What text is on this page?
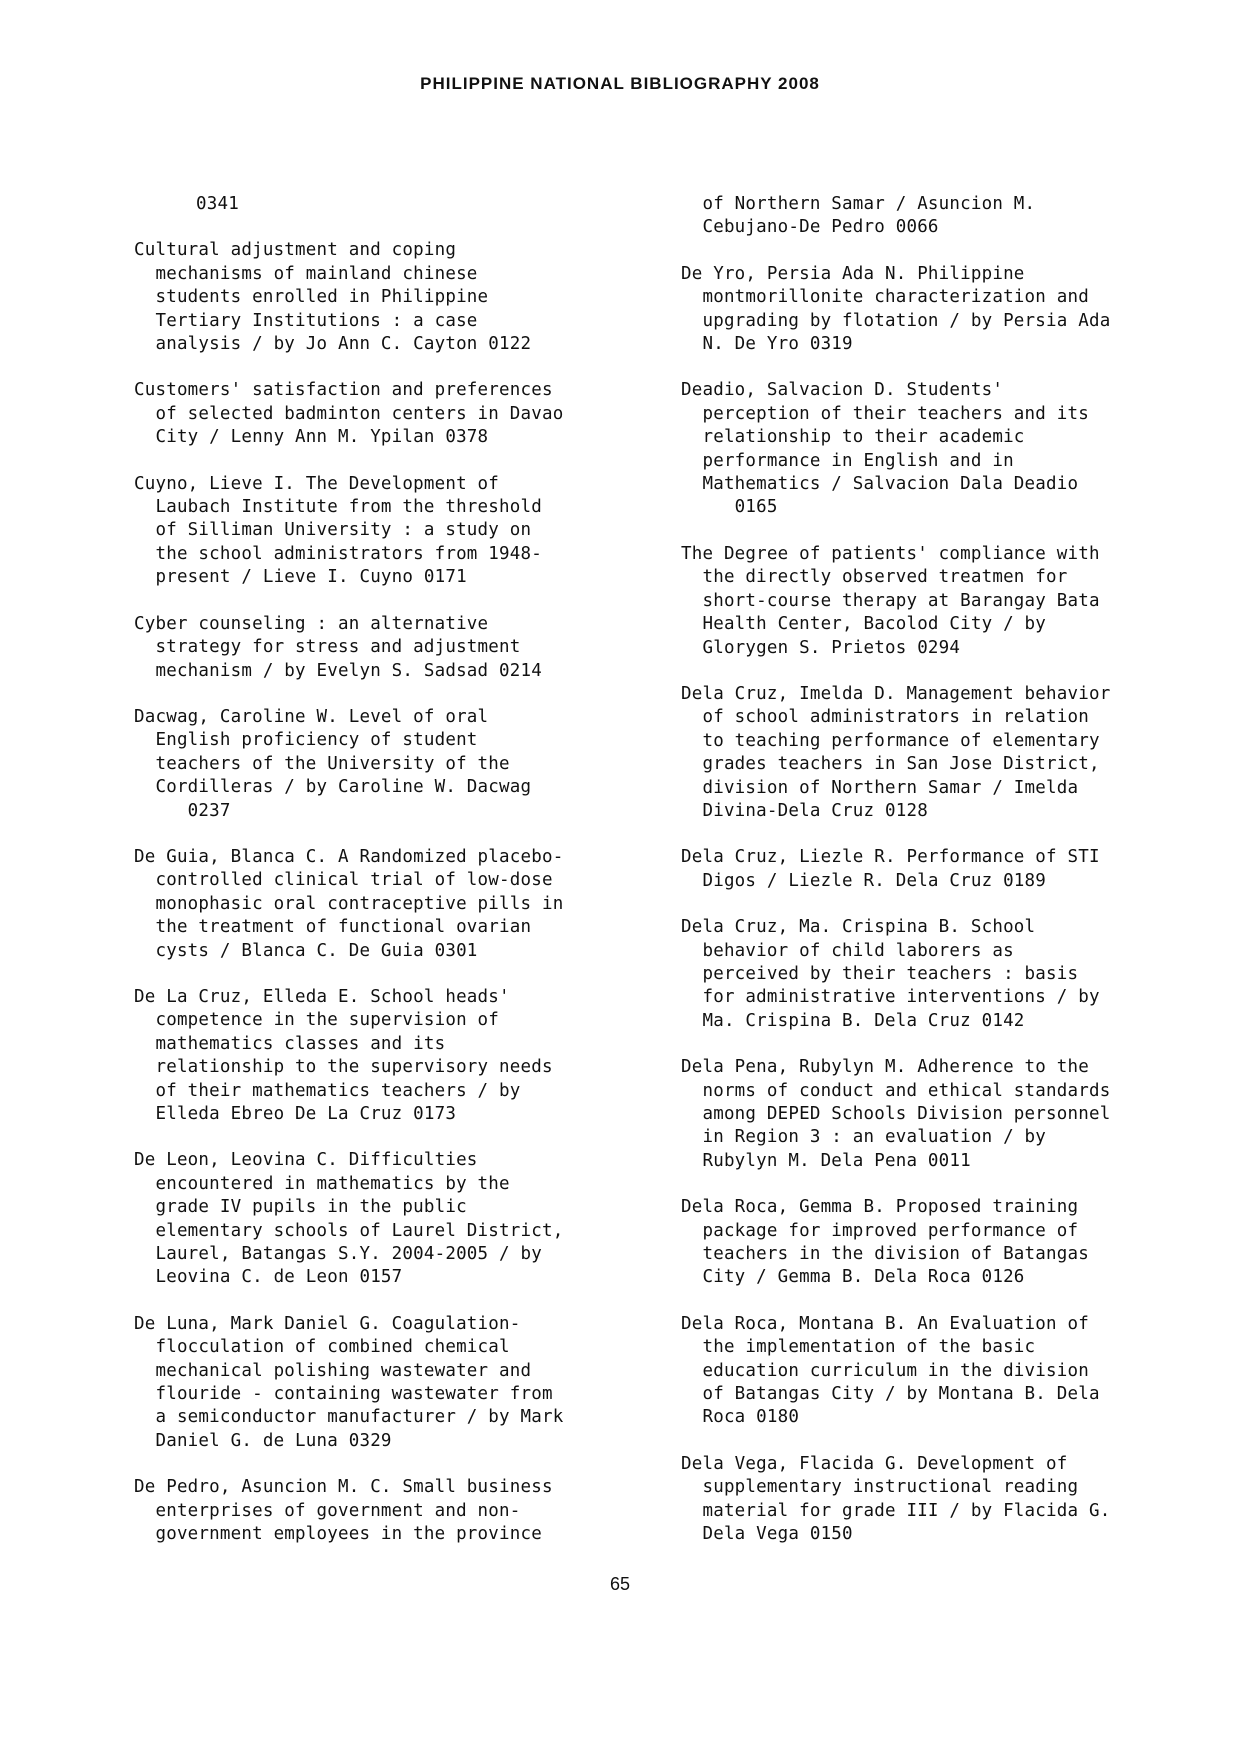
PHILIPPINE NATIONAL BIBLIOGRAPHY 2008
0341
Cultural adjustment and coping
mechanisms of mainland chinese
students enrolled in Philippine
Tertiary Institutions : a case
analysis / by Jo Ann C. Cayton 0122
Customers' satisfaction and preferences
of selected badminton centers in Davao
City / Lenny Ann M. Ypilan 0378
Cuyno, Lieve I. The Development of
Laubach Institute from the threshold
of Silliman University : a study on
the school administrators from 1948-
present / Lieve I. Cuyno 0171
Cyber counseling : an alternative
strategy for stress and adjustment
mechanism / by Evelyn S. Sadsad 0214
Dacwag, Caroline W. Level of oral
English proficiency of student
teachers of the University of the
Cordilleras / by Caroline W. Dacwag
0237
De Guia, Blanca C. A Randomized placebo-
controlled clinical trial of low-dose
monophasic oral contraceptive pills in
the treatment of functional ovarian
cysts / Blanca C. De Guia 0301
De La Cruz, Elleda E. School heads'
competence in the supervision of
mathematics classes and its
relationship to the supervisory needs
of their mathematics teachers / by
Elleda Ebreo De La Cruz 0173
De Leon, Leovina C. Difficulties
encountered in mathematics by the
grade IV pupils in the public
elementary schools of Laurel District,
Laurel, Batangas S.Y. 2004-2005 / by
Leovina C. de Leon 0157
De Luna, Mark Daniel G. Coagulation-
flocculation of combined chemical
mechanical polishing wastewater and
flouride - containing wastewater from
a semiconductor manufacturer / by Mark
Daniel G. de Luna 0329
De Pedro, Asuncion M. C. Small business
enterprises of government and non-
government employees in the province
of Northern Samar / Asuncion M.
Cebujano-De Pedro 0066
De Yro, Persia Ada N. Philippine
montmorillonite characterization and
upgrading by flotation / by Persia Ada
N. De Yro 0319
Deadio, Salvacion D. Students'
perception of their teachers and its
relationship to their academic
performance in English and in
Mathematics / Salvacion Dala Deadio
0165
The Degree of patients' compliance with
the directly observed treatmen for
short-course therapy at Barangay Bata
Health Center, Bacolod City / by
Glorygen S. Prietos 0294
Dela Cruz, Imelda D. Management behavior
of school administrators in relation
to teaching performance of elementary
grades teachers in San Jose District,
division of Northern Samar / Imelda
Divina-Dela Cruz 0128
Dela Cruz, Liezle R. Performance of STI
Digos / Liezle R. Dela Cruz 0189
Dela Cruz, Ma. Crispina B. School
behavior of child laborers as
perceived by their teachers : basis
for administrative interventions / by
Ma. Crispina B. Dela Cruz 0142
Dela Pena, Rubylyn M. Adherence to the
norms of conduct and ethical standards
among DEPED Schools Division personnel
in Region 3 : an evaluation / by
Rubylyn M. Dela Pena 0011
Dela Roca, Gemma B. Proposed training
package for improved performance of
teachers in the division of Batangas
City / Gemma B. Dela Roca 0126
Dela Roca, Montana B. An Evaluation of
the implementation of the basic
education curriculum in the division
of Batangas City / by Montana B. Dela
Roca 0180
Dela Vega, Flacida G. Development of
supplementary instructional reading
material for grade III / by Flacida G.
Dela Vega 0150
65
